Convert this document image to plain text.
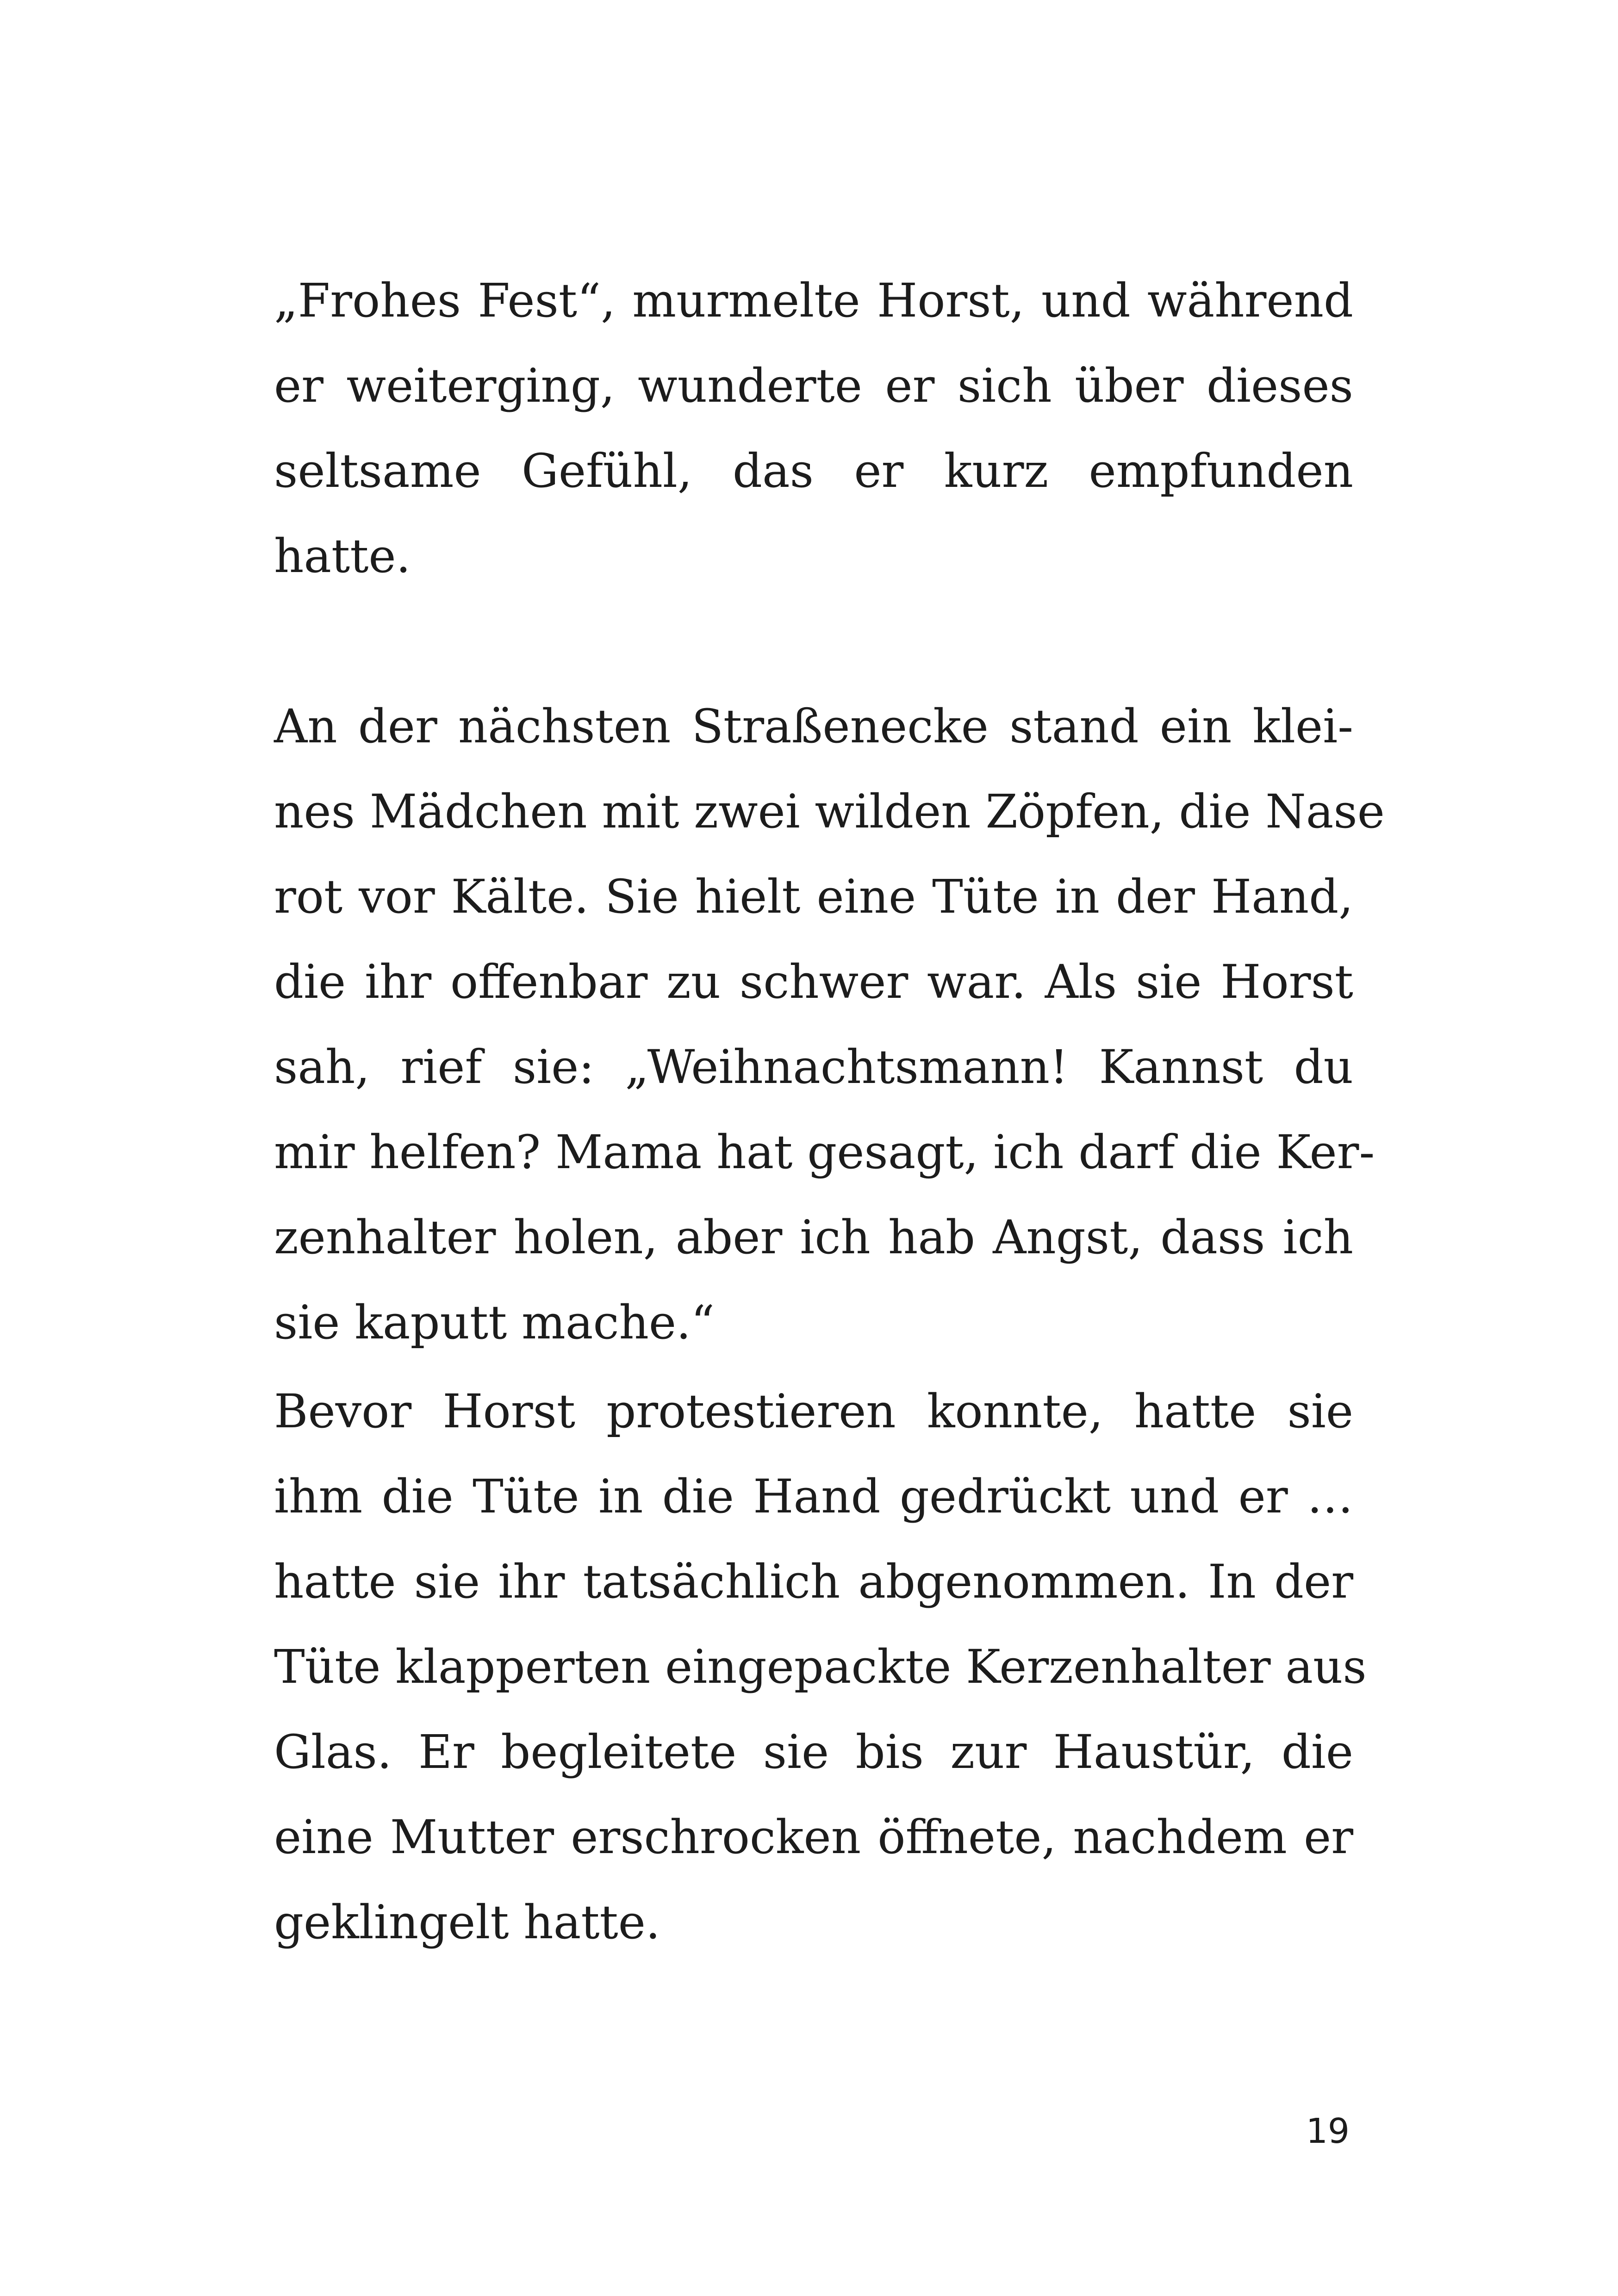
„Frohes Fest“, murmelte Horst, und während
er weiterging, wunderte er sich über dieses
seltsame Gefühl, das er kurz empfunden
hatte.
An der nächsten Straßenecke stand ein klei-
nes Mädchen mit zwei wilden Zöpfen, die Nase
rot vor Kälte. Sie hielt eine Tüte in der Hand,
die ihr offenbar zu schwer war. Als sie Horst
sah, rief sie: „Weihnachtsmann! Kannst du
mir helfen? Mama hat gesagt, ich darf die Ker-
zenhalter holen, aber ich hab Angst, dass ich
sie kaputt mache.“
Bevor Horst protestieren konnte, hatte sie
ihm die Tüte in die Hand gedrückt und er …
hatte sie ihr tatsächlich abgenommen. In der
Tüte klapperten eingepackte Kerzenhalter aus
Glas. Er begleitete sie bis zur Haustür, die
eine Mutter erschrocken öffnete, nachdem er
geklingelt hatte.
19
